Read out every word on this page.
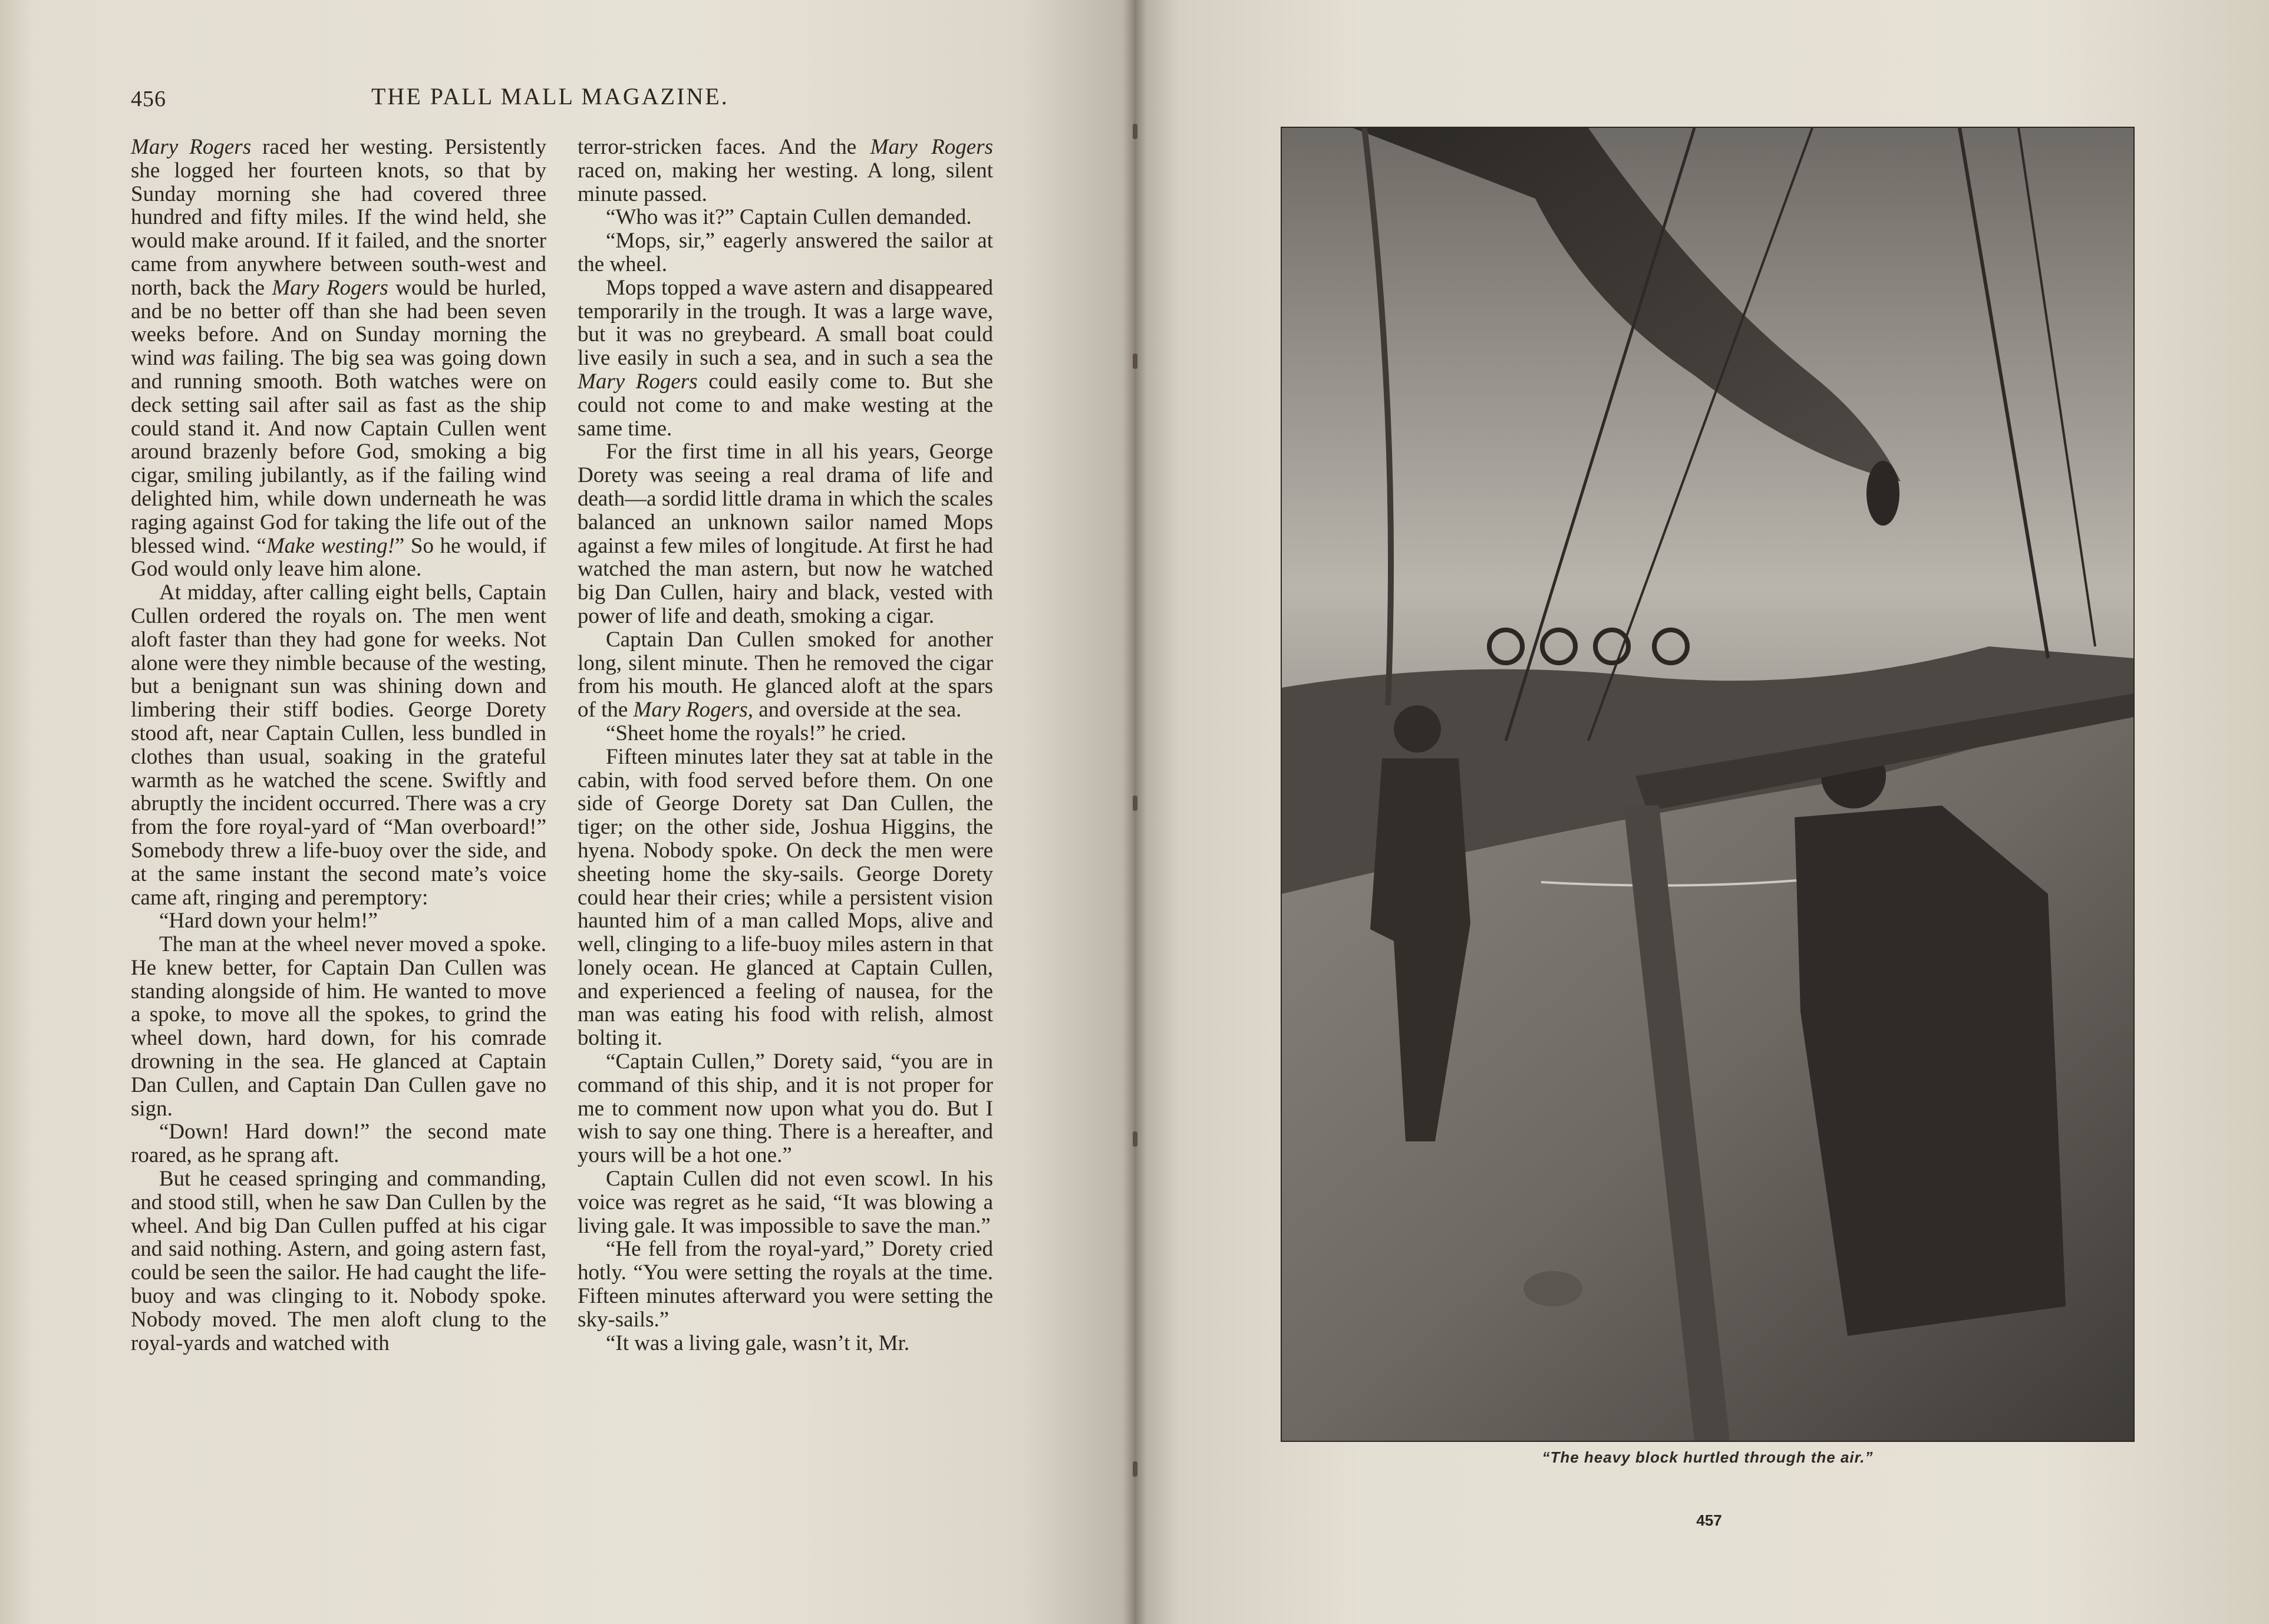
456	THE PALL MALL MAGAZINE.

Mary Rogers raced her westing. Persistently she logged her fourteen knots, so that by Sunday morning she had covered three hundred and fifty miles. If the wind held, she would make around. If it failed, and the snorter came from anywhere between south-west and north, back the Mary Rogers would be hurled, and be no better off than she had been seven weeks before. And on Sunday morning the wind was failing. The big sea was going down and running smooth. Both watches were on deck setting sail after sail as fast as the ship could stand it. And now Captain Cullen went around brazenly before God, smoking a big cigar, smiling jubilantly, as if the failing wind delighted him, while down underneath he was raging against God for taking the life out of the blessed wind. “Make westing!” So he would, if God would only leave him alone.

At midday, after calling eight bells, Captain Cullen ordered the royals on. The men went aloft faster than they had gone for weeks. Not alone were they nimble because of the westing, but a benignant sun was shining down and limbering their stiff bodies. George Dorety stood aft, near Captain Cullen, less bundled in clothes than usual, soaking in the grateful warmth as he watched the scene. Swiftly and abruptly the incident occurred. There was a cry from the fore royal-yard of “Man overboard!” Somebody threw a life-buoy over the side, and at the same instant the second mate’s voice came aft, ringing and peremptory:

“Hard down your helm!”

The man at the wheel never moved a spoke. He knew better, for Captain Dan Cullen was standing alongside of him. He wanted to move a spoke, to move all the spokes, to grind the wheel down, hard down, for his comrade drowning in the sea. He glanced at Captain Dan Cullen, and Captain Dan Cullen gave no sign.

“Down! Hard down!” the second mate roared, as he sprang aft.

But he ceased springing and commanding, and stood still, when he saw Dan Cullen by the wheel. And big Dan Cullen puffed at his cigar and said nothing. Astern, and going astern fast, could be seen the sailor. He had caught the life-buoy and was clinging to it. Nobody spoke. Nobody moved. The men aloft clung to the royal-yards and watched with

terror-stricken faces. And the Mary Rogers raced on, making her westing. A long, silent minute passed.

“Who was it?” Captain Cullen demanded.

“Mops, sir,” eagerly answered the sailor at the wheel.

Mops topped a wave astern and disappeared temporarily in the trough. It was a large wave, but it was no greybeard. A small boat could live easily in such a sea, and in such a sea the Mary Rogers could easily come to. But she could not come to and make westing at the same time.

For the first time in all his years, George Dorety was seeing a real drama of life and death—a sordid little drama in which the scales balanced an unknown sailor named Mops against a few miles of longitude. At first he had watched the man astern, but now he watched big Dan Cullen, hairy and black, vested with power of life and death, smoking a cigar.

Captain Dan Cullen smoked for another long, silent minute. Then he removed the cigar from his mouth. He glanced aloft at the spars of the Mary Rogers, and overside at the sea.

“Sheet home the royals!” he cried.

Fifteen minutes later they sat at table in the cabin, with food served before them. On one side of George Dorety sat Dan Cullen, the tiger; on the other side, Joshua Higgins, the hyena. Nobody spoke. On deck the men were sheeting home the sky-sails. George Dorety could hear their cries; while a persistent vision haunted him of a man called Mops, alive and well, clinging to a life-buoy miles astern in that lonely ocean. He glanced at Captain Cullen, and experienced a feeling of nausea, for the man was eating his food with relish, almost bolting it.

“Captain Cullen,” Dorety said, “you are in command of this ship, and it is not proper for me to comment now upon what you do. But I wish to say one thing. There is a hereafter, and yours will be a hot one.”

Captain Cullen did not even scowl. In his voice was regret as he said, “It was blowing a living gale. It was impossible to save the man.”

“He fell from the royal-yard,” Dorety cried hotly. “You were setting the royals at the time. Fifteen minutes afterward you were setting the sky-sails.”

“It was a living gale, wasn’t it, Mr.

“The heavy block hurtled through the air.”
457
